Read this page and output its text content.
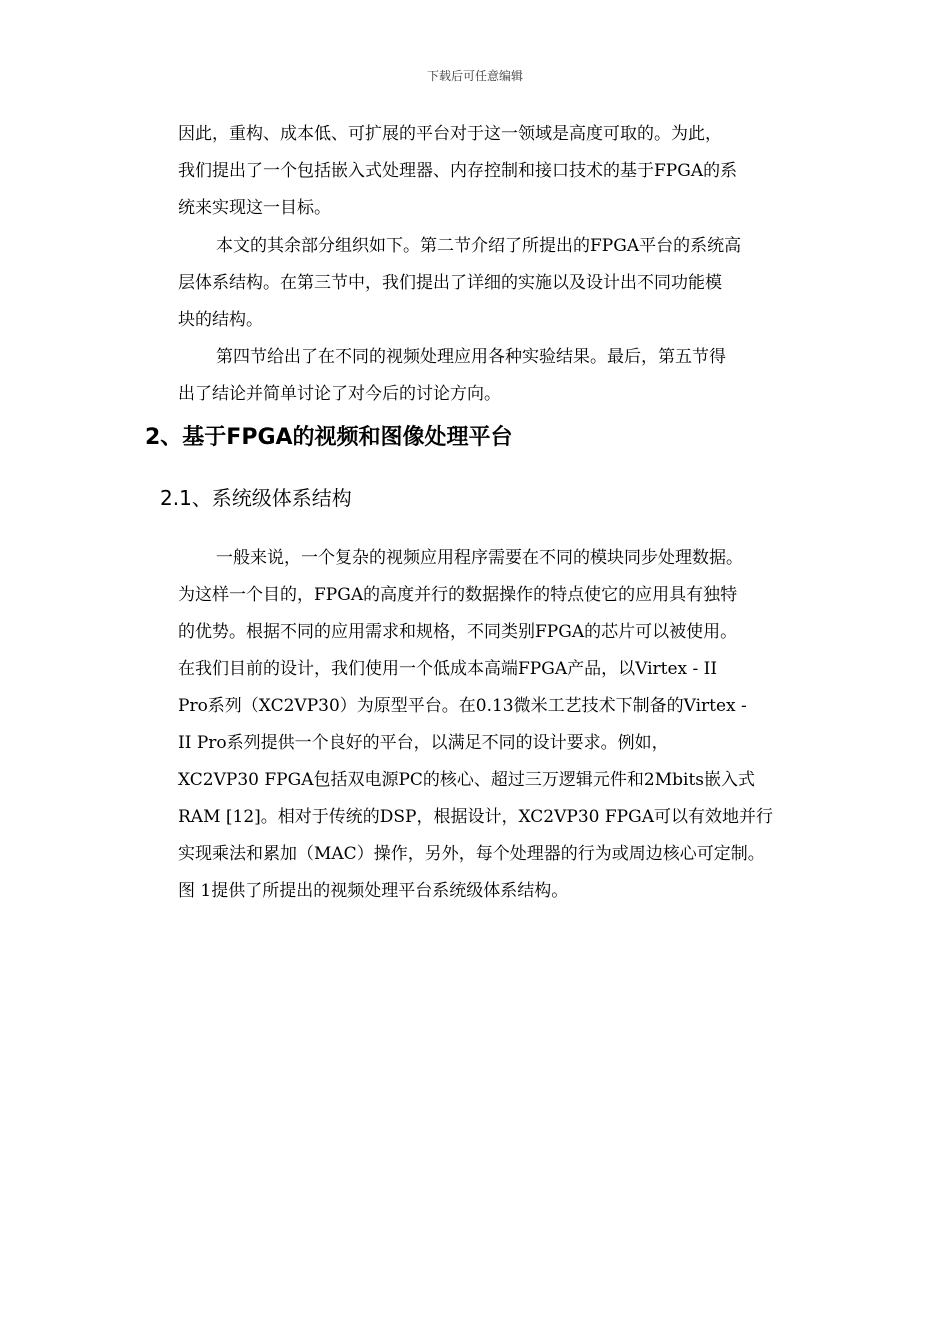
下载后可任意编辑
因此，重构、成本低、可扩展的平台对于这一领域是高度可取的。为此，
我们提出了一个包括嵌入式处理器、内存控制和接口技术的基于FPGA的系
统来实现这一目标。
本文的其余部分组织如下。第二节介绍了所提出的FPGA平台的系统高
层体系结构。在第三节中，我们提出了详细的实施以及设计出不同功能模
块的结构。
第四节给出了在不同的视频处理应用各种实验结果。最后，第五节得
出了结论并简单讨论了对今后的讨论方向。
2、基于FPGA的视频和图像处理平台
2.1、系统级体系结构
一般来说，一个复杂的视频应用程序需要在不同的模块同步处理数据。
为这样一个目的，FPGA的高度并行的数据操作的特点使它的应用具有独特
的优势。根据不同的应用需求和规格，不同类别FPGA的芯片可以被使用。
在我们目前的设计，我们使用一个低成本高端FPGA产品，以Virtex - II
Pro系列（XC2VP30）为原型平台。在0.13微米工艺技术下制备的Virtex -
II Pro系列提供一个良好的平台，以满足不同的设计要求。例如，
XC2VP30 FPGA包括双电源PC的核心、超过三万逻辑元件和2Mbits嵌入式
RAM [12]。相对于传统的DSP，根据设计，XC2VP30 FPGA可以有效地并行
实现乘法和累加（MAC）操作，另外，每个处理器的行为或周边核心可定制。
图 1提供了所提出的视频处理平台系统级体系结构。
